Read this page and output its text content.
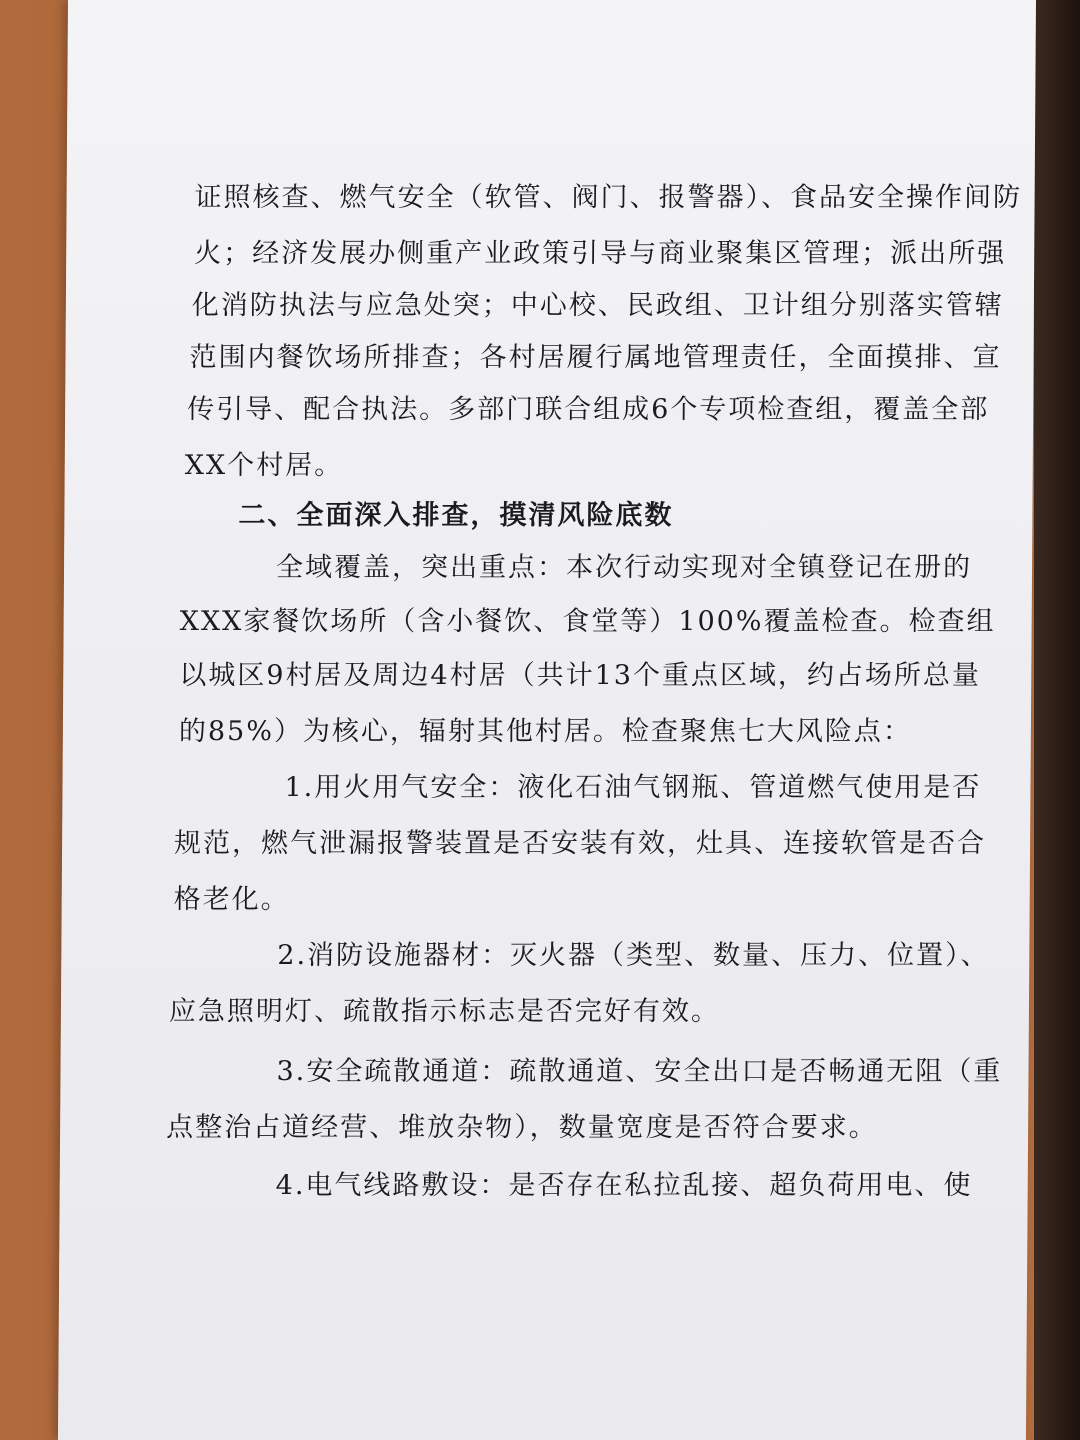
证照核查、燃气安全（软管、阀门、报警器）、食品安全操作间防
火；经济发展办侧重产业政策引导与商业聚集区管理；派出所强
化消防执法与应急处突；中心校、民政组、卫计组分别落实管辖
范围内餐饮场所排查；各村居履行属地管理责任，全面摸排、宣
传引导、配合执法。多部门联合组成6个专项检查组，覆盖全部
XX个村居。
二、全面深入排查，摸清风险底数
全域覆盖，突出重点：本次行动实现对全镇登记在册的
XXX家餐饮场所（含小餐饮、食堂等）100%覆盖检查。检查组
以城区9村居及周边4村居（共计13个重点区域，约占场所总量
的85%）为核心，辐射其他村居。检查聚焦七大风险点：
1.用火用气安全：液化石油气钢瓶、管道燃气使用是否
规范，燃气泄漏报警装置是否安装有效，灶具、连接软管是否合
格老化。
2.消防设施器材：灭火器（类型、数量、压力、位置）、
应急照明灯、疏散指示标志是否完好有效。
3.安全疏散通道：疏散通道、安全出口是否畅通无阻（重
点整治占道经营、堆放杂物），数量宽度是否符合要求。
4.电气线路敷设：是否存在私拉乱接、超负荷用电、使
